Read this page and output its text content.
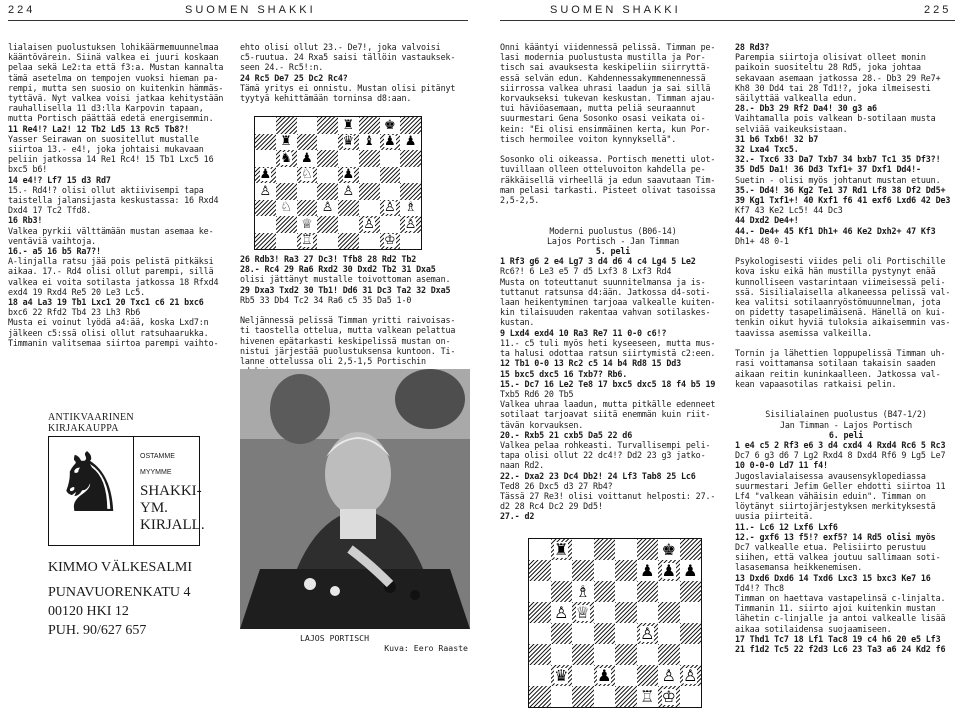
224	SUOMEN SHAKKI	SUOMEN SHAKKI	225
lialaisen puolustuksen lohikäärmemuunnelmaa
kääntövärein. Siinä valkea ei juuri koskaan
pelaa sekä Le2:ta että f3:a. Mustan kannalta
tämä asetelma on tempojen vuoksi hieman pa-
rempi, mutta sen suosio on kuitenkin hämmäs-
tyttävä. Nyt valkea voisi jatkaa kehitystään
rauhallisella 11 d3:lla Karpovin tapaan,
mutta Portisch päättää edetä energisemmin.
11 Re4!? La2! 12 Tb2 Ld5 13 Rc5 Tb8?!
Yasser Seirawan on suositellut mustalle
siirtoa 13.- e4!, joka johtaisi mukavaan
peliin jatkossa 14 Re1 Rc4! 15 Tb1 Lxc5 16
bxc5 b6!
14 e4!? Lf7 15 d3 Rd7
15.- Rd4!? olisi ollut aktiivisempi tapa
taistella jalansijasta keskustassa: 16 Rxd4
Dxd4 17 Tc2 Tfd8.
16 Rb3!
Valkea pyrkii välttämään mustan asemaa ke-
ventäviä vaihtoja.
16.- a5 16 b5 Ra7?!
A-linjalla ratsu jää pois pelistä pitkäksi
aikaa. 17.- Rd4 olisi ollut parempi, sillä
valkea ei voita sotilasta jatkossa 18 Rfxd4
exd4 19 Rxd4 Re5 20 Le3 Lc5.
18 a4 La3 19 Tb1 Lxc1 20 Txc1 c6 21 bxc6
bxc6 22 Rfd2 Tb4 23 Lh3 Rb6
Musta ei voinut lyödä a4:ää, koska Lxd7:n
jälkeen c5:ssä olisi ollut ratsuhaarukka.
Timmanin valitsemaa siirtoa parempi vaihto-
ehto olisi ollut 23.- De7!, joka valvoisi
c5-ruutua. 24 Rxa5 saisi tällöin vastauksek-
seen 24.- Rc5!:n.
24 Rc5 De7 25 Dc2 Rc4?
Tämä yritys ei onnistu. Mustan olisi pitänyt
tyytyä kehittämään torninsa d8:aan.
♜ ♚
♜	♛ ♝ ♟ ♟
♞ ♟
♟ ♘ ♟
♙	♙
♘ ♙	♙ ♗
♕	♙ ♙
♖	♔
26 Rdb3! Ra3 27 Dc3! Tfb8 28 Rd2 Tb2
28.- Rc4 29 Ra6 Rxd2 30 Dxd2 Tb2 31 Dxa5
olisi jättänyt mustalle toivottoman aseman.
29 Dxa3 Txd2 30 Tb1! Dd6 31 Dc3 Ta2 32 Dxa5
Rb5 33 Db4 Tc2 34 Ra6 c5 35 Da5 1-0

Neljännessä pelissä Timman yritti raivoisas-
ti taostella ottelua, mutta valkean pelattua
hivenen epätarkasti keskipelissä mustan on-
nistui järjestää puolustuksensa kuntoon. Ti-
lanne ottelussa oli 2,5-1,5 Portischin
LAJOS PORTISCH
Kuva: Eero Raaste
ANTIKVAARINEN KIRJAKAUPPA
♞ OSTAMME
MYYMME
SHAKKI-
YM.
KIRJALL.
KIMMO VÄLKESALMI
PUNAVUORENKATU 4
00120 HKI 12
PUH. 90/627 657
Onni kääntyi viidennessä pelissä. Timman pe-
lasi modernia puolustusta mustilla ja Por-
tisch sai avauksesta keskipeliin siirryttä-
essä selvän edun. Kahdennessakymmenennessä
siirrossa valkea uhrasi laadun ja sai sillä
korvaukseksi tukevan keskustan. Timman ajau-
tui häviöasemaan, mutta peliä seuraannut
suurmestari Gena Sosonko osasi veikata oi-
kein: "Ei olisi ensimmäinen kerta, kun Por-
tisch hermoilee voiton kynnyksellä".

Sosonko oli oikeassa. Portisch menetti ulot-
tuvillaan olleen otteluvoiton kahdella pe-
räkkäisellä virheellä ja edun saavutaan Tim-
man pelasi tarkasti. Pisteet olivat tasoissa
2,5-2,5.

Moderni puolustus (B06-14)
Lajos Portisch - Jan Timman
5. peli
1 Rf3 g6 2 e4 Lg7 3 d4 d6 4 c4 Lg4 5 Le2
Rc6?! 6 Le3 e5 7 d5 Lxf3 8 Lxf3 Rd4
Musta on toteuttanut suunnitelmansa ja is-
tuttanut ratsunsa d4:ään. Jatkossa d4-soti-
laan heikentyminen tarjoaa valkealle kuiten-
kin tilaisuuden rakentaa vahvan sotilaskes-
kustan.
9 Lxd4 exd4 10 Ra3 Re7 11 0-0 c6!?
11.- c5 tuli myös heti kyseeseen, mutta mus-
ta halusi odottaa ratsun siirtymistä c2:een.
12 Tb1 0-0 13 Rc2 c5 14 b4 Rd8 15 Dd3
15 bxc5 dxc5 16 Txb7? Rb6.
15.- Dc7 16 Le2 Te8 17 bxc5 dxc5 18 f4 b5 19
Txb5 Rd6 20 Tb5
Valkea uhraa laadun, mutta pitkälle edenneet
sotilaat tarjoavat siitä enemmän kuin riit-
tävän korvauksen.
20.- Rxb5 21 cxb5 Da5 22 d6
Valkea pelaa rohkeasti. Turvallisempi peli-
tapa olisi ollut 22 dc4!? Dd2 23 g3 jatko-
naan Rd2.
22.- Dxa2 23 Dc4 Db2! 24 Lf3 Tab8 25 Lc6
Ted8 26 Dxc5 d3 27 Rb4?
Tässä 27 Re3! olisi voittanut helposti: 27.-
d2 28 Rc4 Dc2 29 Dd5!
27.- d2
♜	♚
♟ ♟ ♟
♗
♙ ♕
♙
♛ ♟	♙ ♙
♖ ♔
28 Rd3?
Parempia siirtoja olisivat olleet monin
paikoin suositeltu 28 Rd5, joka johtaa
sekavaan asemaan jatkossa 28.- Db3 29 Re7+
Kh8 30 Dd4 tai 28 Td1!?, joka ilmeisesti
säilyttää valkealla edun.
28.- Db3 29 Rf2 Da4! 30 g3 a6
Vaihtamalla pois valkean b-sotilaan musta
selviää vaikeuksistaan.
31 b6 Txb6! 32 b7
32 Lxa4 Txc5.
32.- Txc6 33 Da7 Txb7 34 bxb7 Tc1 35 Df3?!
35 Dd5 Da1! 36 Dd3 Txf1+ 37 Dxf1 Dd4!-
Suetin - olisi myös johtanut mustan etuun.
35.- Dd4! 36 Kg2 Te1 37 Rd1 Lf8 38 Df2 Dd5+
39 Kg1 Txf1+! 40 Kxf1 f6 41 exf6 Lxd6 42 De3
Kf7 43 Ke2 Lc5! 44 Dc3
44 Dxd2 De4+!
44.- De4+ 45 Kf1 Dh1+ 46 Ke2 Dxh2+ 47 Kf3
Dh1+ 48 0-1

Psykologisesti viides peli oli Portischille
kova isku eikä hän mustilla pystynyt enää
kunnolliseen vastarintaan viimeisessä peli-
ssä. Sisilialaisella alkaneessa pelissä val-
kea valitsi sotilaanryöstömuunnelman, jota
on pidetty tasapelimäisenä. Hänellä on kui-
tenkin oikut hyviä tuloksia aikaisemmin vas-
taavissa asemissa valkeilla.

Tornin ja lähettien loppupelissä Timman uh-
rasi voittamansa sotilaan takaisin saaden
aikaan reitin kuninkaalleen. Jatkossa val-
kean vapaasotilas ratkaisi pelin.

Sisilialainen puolustus (B47-1/2)
Jan Timman - Lajos Portisch
6. peli
1 e4 c5 2 Rf3 e6 3 d4 cxd4 4 Rxd4 Rc6 5 Rc3
Dc7 6 g3 d6 7 Lg2 Rxd4 8 Dxd4 Rf6 9 Lg5 Le7
10 0-0-0 Ld7 11 f4!
Jugoslavialaisessa avausensyklopediassa
suurmestari Jefim Geller ehdotti siirtoa 11
Lf4 "valkean vähäisin eduin". Timman on
löytänyt siirtojärjestyksen merkityksestä
uusia piirteitä.
11.- Lc6 12 Lxf6 Lxf6
12.- gxf6 13 f5!? exf5? 14 Rd5 olisi myös
Dc7 valkealle etua. Pelisiirto perustuu
siihen, että valkea joutuu sallimaan soti-
lasasemansa heikkenemisen.
13 Dxd6 Dxd6 14 Txd6 Lxc3 15 bxc3 Ke7 16
Td4!? Thc8
Timman on haettava vastapelinsä c-linjalta.
Timmanin 11. siirto ajoi kuitenkin mustan
lähetin c-linjalle ja antoi valkealle lisää
aikaa sotilaidensa suojaamiseen.
17 Thd1 Tc7 18 Lf1 Tac8 19 c4 h6 20 e5 Lf3
21 f1d2 Tc5 22 f2d3 Lc6 23 Ta3 a6 24 Kd2 f6
